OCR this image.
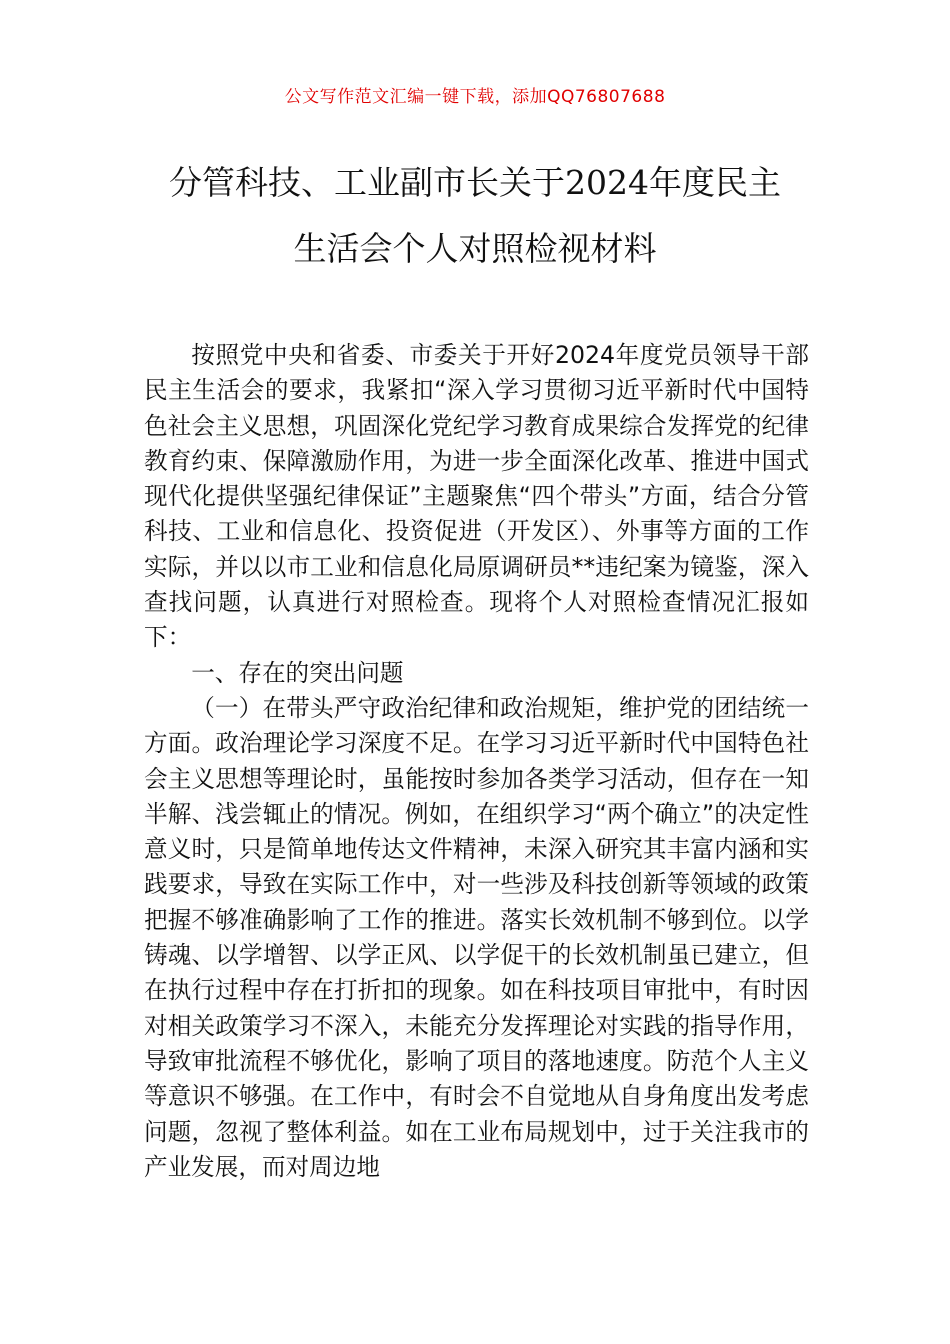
公文写作范文汇编一键下载，添加QQ76807688
分管科技、工业副市长关于2024年度民主
生活会个人对照检视材料

按照党中央和省委、市委关于开好2024年度党员领导干部民主生活会的要求，我紧扣“深入学习贯彻习近平新时代中国特色社会主义思想，巩固深化党纪学习教育成果综合发挥党的纪律教育约束、保障激励作用，为进一步全面深化改革、推进中国式现代化提供坚强纪律保证”主题聚焦“四个带头”方面，结合分管科技、工业和信息化、投资促进（开发区）、外事等方面的工作实际，并以以市工业和信息化局原调研员**违纪案为镜鉴，深入查找问题，认真进行对照检查。现将个人对照检查情况汇报如下：

一、存在的突出问题

（一）在带头严守政治纪律和政治规矩，维护党的团结统一方面。政治理论学习深度不足。在学习习近平新时代中国特色社会主义思想等理论时，虽能按时参加各类学习活动，但存在一知半解、浅尝辄止的情况。例如，在组织学习“两个确立”的决定性意义时，只是简单地传达文件精神，未深入研究其丰富内涵和实践要求，导致在实际工作中，对一些涉及科技创新等领域的政策把握不够准确影响了工作的推进。落实长效机制不够到位。以学铸魂、以学增智、以学正风、以学促干的长效机制虽已建立，但在执行过程中存在打折扣的现象。如在科技项目审批中，有时因对相关政策学习不深入，未能充分发挥理论对实践的指导作用，导致审批流程不够优化，影响了项目的落地速度。防范个人主义等意识不够强。在工作中，有时会不自觉地从自身角度出发考虑问题，忽视了整体利益。如在工业布局规划中，过于关注我市的产业发展，而对周边地
